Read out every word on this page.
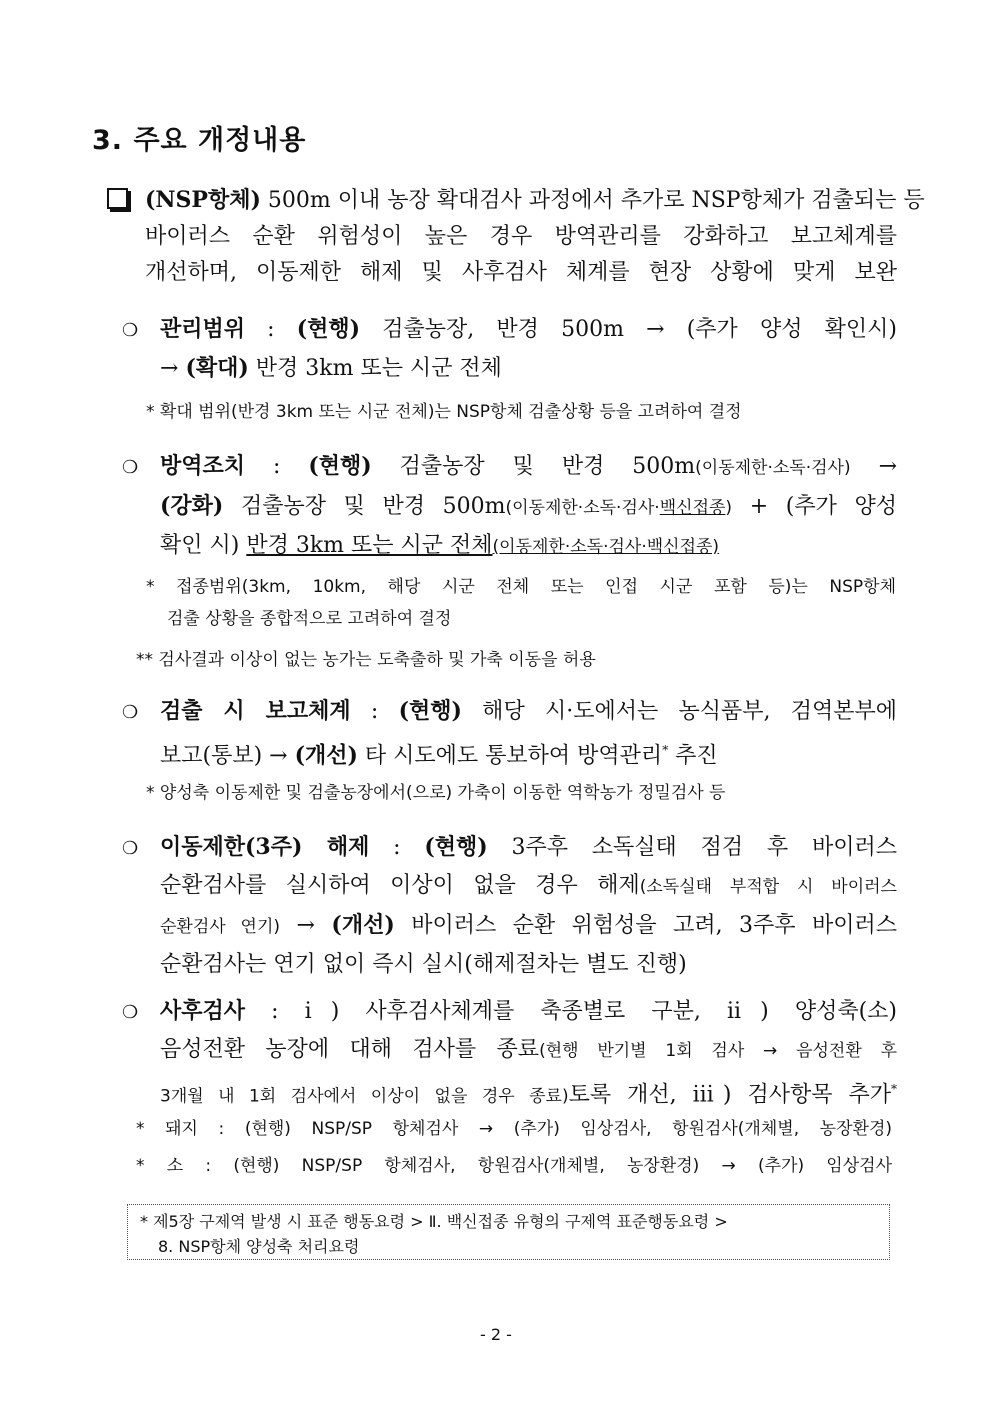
3. 주요 개정내용
(NSP항체) 500m 이내 농장 확대검사 과정에서 추가로 NSP항체가 검출되는 등
바이러스 순환 위험성이 높은 경우 방역관리를 강화하고 보고체계를
개선하며, 이동제한 해제 및 사후검사 체계를 현장 상황에 맞게 보완
❍ 관리범위 : (현행) 검출농장, 반경 500m → (추가 양성 확인시)
→ (확대) 반경 3km 또는 시군 전체
* 확대 범위(반경 3km 또는 시군 전체)는 NSP항체 검출상황 등을 고려하여 결정
❍ 방역조치 : (현행) 검출농장 및 반경 500m(이동제한·소독·검사) →
(강화) 검출농장 및 반경 500m(이동제한·소독·검사·백신접종) + (추가 양성
확인 시) 반경 3km 또는 시군 전체(이동제한·소독·검사·백신접종)
* 접종범위(3km, 10km, 해당 시군 전체 또는 인접 시군 포함 등)는 NSP항체
검출 상황을 종합적으로 고려하여 결정
** 검사결과 이상이 없는 농가는 도축출하 및 가축 이동을 허용
❍ 검출 시 보고체계 : (현행) 해당 시·도에서는 농식품부, 검역본부에
보고(통보) → (개선) 타 시도에도 통보하여 방역관리* 추진
* 양성축 이동제한 및 검출농장에서(으로) 가축이 이동한 역학농가 정밀검사 등
❍ 이동제한(3주) 해제 : (현행) 3주후 소독실태 점검 후 바이러스
순환검사를 실시하여 이상이 없을 경우 해제(소독실태 부적합 시 바이러스
순환검사 연기) → (개선) 바이러스 순환 위험성을 고려, 3주후 바이러스
순환검사는 연기 없이 즉시 실시(해제절차는 별도 진행)
❍ 사후검사 : ⅰ) 사후검사체계를 축종별로 구분, ⅱ) 양성축(소)
음성전환 농장에 대해 검사를 종료(현행 반기별 1회 검사 → 음성전환 후
3개월 내 1회 검사에서 이상이 없을 경우 종료)토록 개선, ⅲ) 검사항목 추가*
* 돼지 : (현행) NSP/SP 항체검사 → (추가) 임상검사, 항원검사(개체별, 농장환경)
* 소 : (현행) NSP/SP 항체검사, 항원검사(개체별, 농장환경) → (추가) 임상검사
* 제5장 구제역 발생 시 표준 행동요령 > Ⅱ. 백신접종 유형의 구제역 표준행동요령 >
8. NSP항체 양성축 처리요령
- 2 -
